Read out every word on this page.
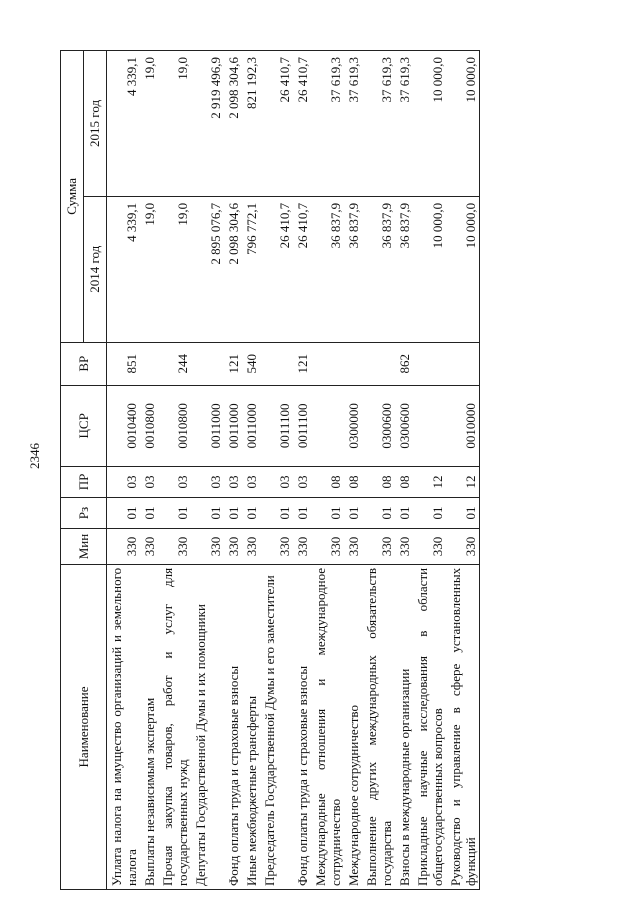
2346
Наименование	Мин	Рз	ПР	ЦСР	ВР	Сумма	
						2014 год	2015 год
Уплата налога на имущество организаций и земельного налога	330	01	03	0010400	851	4 339,1	4 339,1
Выплаты независимым экспертам	330	01	03	0010800		19,0	19,0
Прочая закупка товаров, работ и услуг для государственных нужд	330	01	03	0010800	244	19,0	19,0
Депутаты Государственной Думы и их помощники	330	01	03	0011000		2 895 076,7	2 919 496,9
Фонд оплаты труда и страховые взносы	330	01	03	0011000	121	2 098 304,6	2 098 304,6
Иные межбюджетные трансферты	330	01	03	0011000	540	796 772,1	821 192,3
Председатель Государственной Думы и его заместители	330	01	03	0011100		26 410,7	26 410,7
Фонд оплаты труда и страховые взносы	330	01	03	0011100	121	26 410,7	26 410,7
Международные отношения и международное сотрудничество	330	01	08			36 837,9	37 619,3
Международное сотрудничество	330	01	08	0300000		36 837,9	37 619,3
Выполнение других международных обязательств государства	330	01	08	0300600		36 837,9	37 619,3
Взносы в международные организации	330	01	08	0300600	862	36 837,9	37 619,3
Прикладные научные исследования в области общегосударственных вопросов	330	01	12			10 000,0	10 000,0
Руководство и управление в сфере установленных функций	330	01	12	0010000		10 000,0	10 000,0
